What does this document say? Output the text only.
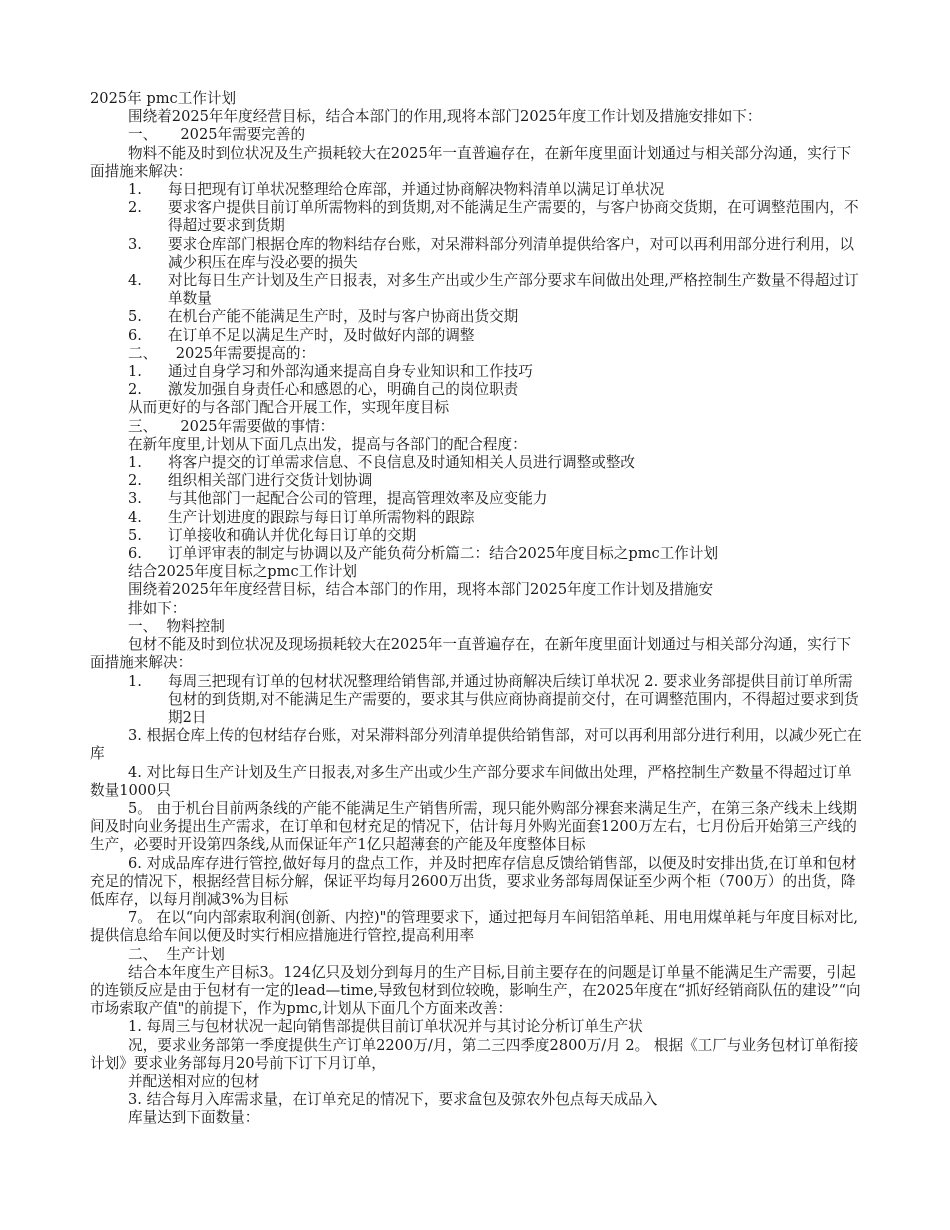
2025年 pmc工作计划

围绕着2025年年度经营目标，结合本部门的作用,现将本部门2025年度工作计划及措施安排如下：

一、     2025年需要完善的

物料不能及时到位状况及生产损耗较大在2025年一直普遍存在，在新年度里面计划通过与相关部分沟通，实行下面措施来解决：

1.	每日把现有订单状况整理给仓库部，并通过协商解决物料清单以满足订单状况
2.	要求客户提供目前订单所需物料的到货期,对不能满足生产需要的，与客户协商交货期，在可调整范围内，不得超过要求到货期
3.	要求仓库部门根据仓库的物料结存台账，对呆滞料部分列清单提供给客户，对可以再利用部分进行利用，以减少积压在库与没必要的损失
4.	对比每日生产计划及生产日报表，对多生产出或少生产部分要求车间做出处理,严格控制生产数量不得超过订单数量
5.	在机台产能不能满足生产时，及时与客户协商出货交期
6.	在订单不足以满足生产时，及时做好内部的调整

二、    2025年需要提高的：

1.	通过自身学习和外部沟通来提高自身专业知识和工作技巧
2.	激发加强自身责任心和感恩的心，明确自己的岗位职责

从而更好的与各部门配合开展工作，实现年度目标

三、     2025年需要做的事情：

在新年度里,计划从下面几点出发，提高与各部门的配合程度：

1.	将客户提交的订单需求信息、不良信息及时通知相关人员进行调整或整改
2.	组织相关部门进行交货计划协调
3.	与其他部门一起配合公司的管理，提高管理效率及应变能力
4.	生产计划进度的跟踪与每日订单所需物料的跟踪
5.	订单接收和确认并优化每日订单的交期
6.	订单评审表的制定与协调以及产能负荷分析篇二：结合2025年度目标之pmc工作计划

结合2025年度目标之pmc工作计划

围绕着2025年年度经营目标，结合本部门的作用，现将本部门2025年度工作计划及措施安

排如下：

一、  物料控制

包材不能及时到位状况及现场损耗较大在2025年一直普遍存在，在新年度里面计划通过与相关部分沟通，实行下面措施来解决：

1.	每周三把现有订单的包材状况整理给销售部,并通过协商解决后续订单状况 2. 要求业务部提供目前订单所需包材的到货期,对不能满足生产需要的，要求其与供应商协商提前交付，在可调整范围内，不得超过要求到货期2日

3. 根据仓库上传的包材结存台账，对呆滞料部分列清单提供给销售部，对可以再利用部分进行利用，以减少死亡在库

4. 对比每日生产计划及生产日报表,对多生产出或少生产部分要求车间做出处理，严格控制生产数量不得超过订单数量1000只

5。 由于机台目前两条线的产能不能满足生产销售所需，现只能外购部分裸套来满足生产，在第三条产线未上线期间及时向业务提出生产需求，在订单和包材充足的情况下，估计每月外购光面套1200万左右，七月份后开始第三产线的生产，必要时开设第四条线,从而保证年产1亿只超薄套的产能及年度整体目标

6. 对成品库存进行管控,做好每月的盘点工作，并及时把库存信息反馈给销售部，以便及时安排出货,在订单和包材充足的情况下，根据经营目标分解，保证平均每月2600万出货，要求业务部每周保证至少两个柜（700万）的出货，降低库存，以每月削减3%为目标

7。 在以“向内部索取利润(创新、内控)"的管理要求下，通过把每月车间铝箔单耗、用电用煤单耗与年度目标对比,提供信息给车间以便及时实行相应措施进行管控,提高利用率

二、  生产计划

结合本年度生产目标3。124亿只及划分到每月的生产目标,目前主要存在的问题是订单量不能满足生产需要，引起的连锁反应是由于包材有一定的lead—time,导致包材到位较晚，影响生产，在2025年度在“抓好经销商队伍的建设”“向市场索取产值"的前提下，作为pmc,计划从下面几个方面来改善：

1. 每周三与包材状况一起向销售部提供目前订单状况并与其讨论分析订单生产状

况，要求业务部第一季度提供生产订单2200万/月，第二三四季度2800万/月 2。 根据《工厂与业务包材订单衔接计划》要求业务部每月20号前下订下月订单，

并配送相对应的包材

3. 结合每月入库需求量，在订单充足的情况下，要求盒包及弶农外包点每天成品入

库量达到下面数量：
